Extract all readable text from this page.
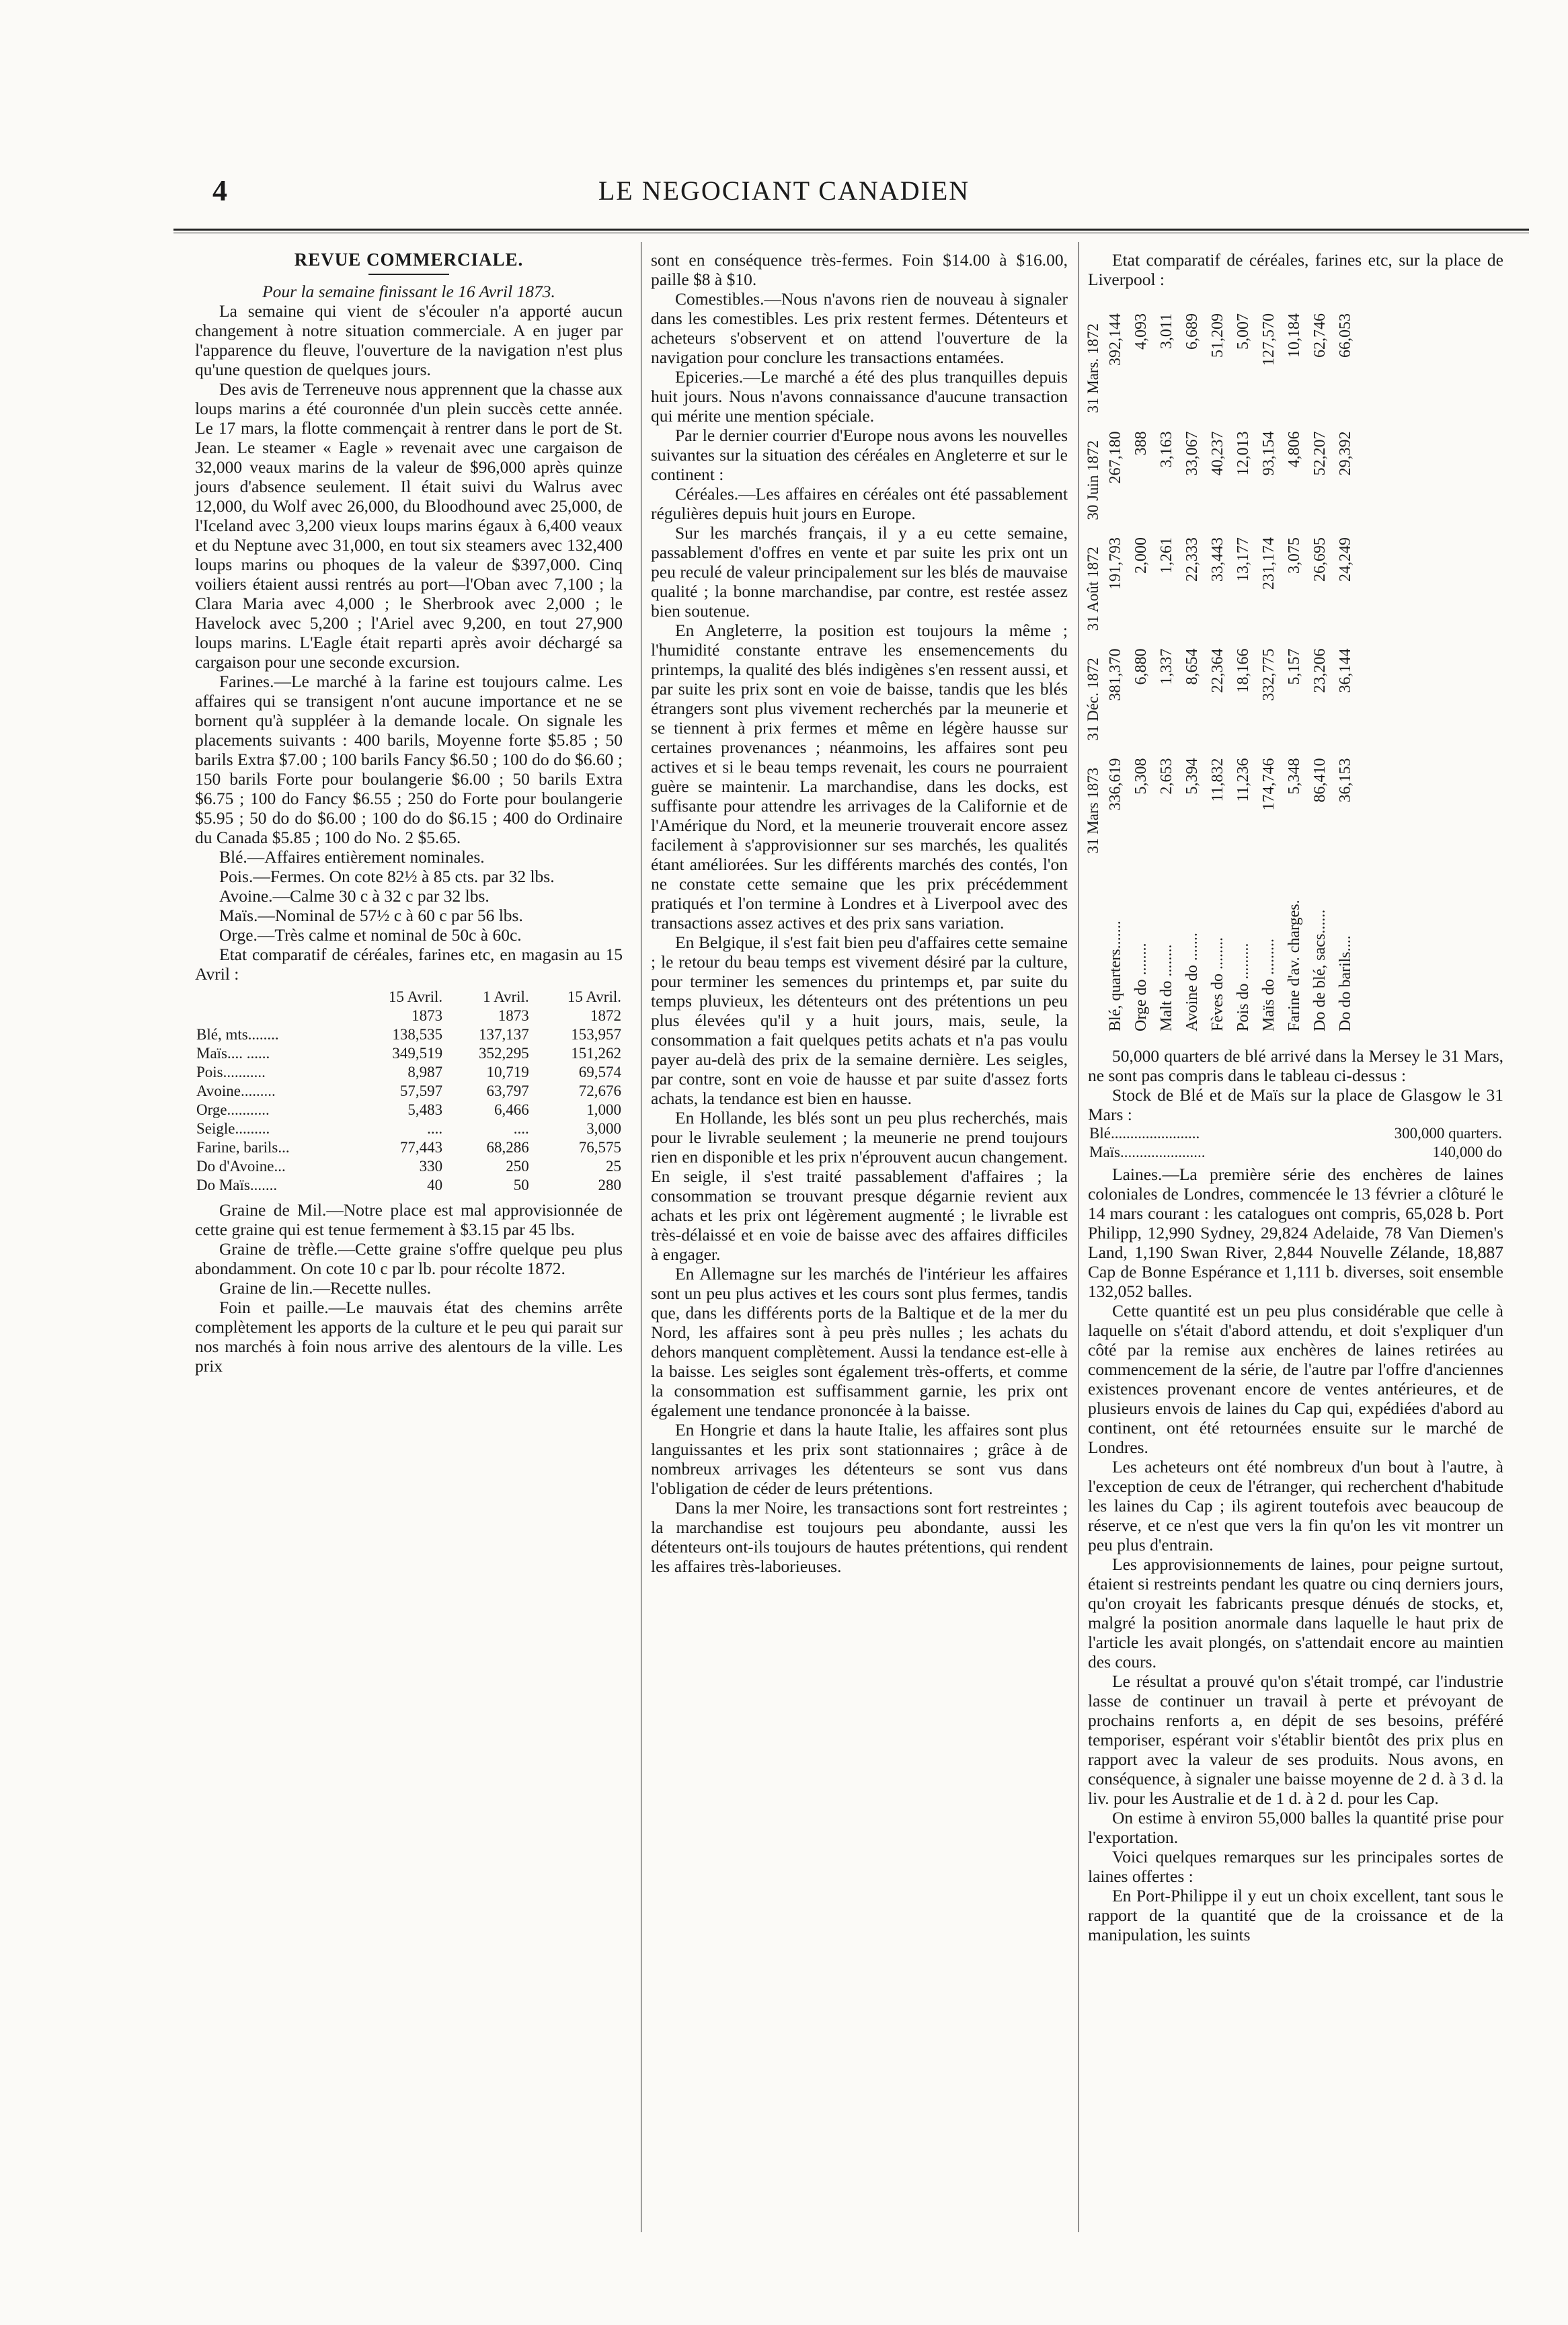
4	LE NEGOCIANT CANADIEN

REVUE COMMERCIALE.

Pour la semaine finissant le 16 Avril 1873.

La semaine qui vient de s'écouler n'a apporté aucun changement à notre situation commerciale. A en juger par l'apparence du fleuve, l'ouverture de la navigation n'est plus qu'une question de quelques jours.

Des avis de Terreneuve nous apprennent que la chasse aux loups marins a été couronnée d'un plein succès cette année. Le 17 mars, la flotte commençait à rentrer dans le port de St. Jean. Le steamer « Eagle » revenait avec une cargaison de 32,000 veaux marins de la valeur de $96,000 après quinze jours d'absence seulement. Il était suivi du Walrus avec 12,000, du Wolf avec 26,000, du Bloodhound avec 25,000, de l'Iceland avec 3,200 vieux loups marins égaux à 6,400 veaux et du Neptune avec 31,000, en tout six steamers avec 132,400 loups marins ou phoques de la valeur de $397,000. Cinq voiliers étaient aussi rentrés au port—l'Oban avec 7,100 ; la Clara Maria avec 4,000 ; le Sherbrook avec 2,000 ; le Havelock avec 5,200 ; l'Ariel avec 9,200, en tout 27,900 loups marins. L'Eagle était reparti après avoir déchargé sa cargaison pour une seconde excursion.

Farines.—Le marché à la farine est toujours calme. Les affaires qui se transigent n'ont aucune importance et ne se bornent qu'à suppléer à la demande locale. On signale les placements suivants : 400 barils, Moyenne forte $5.85 ; 50 barils Extra $7.00 ; 100 barils Fancy $6.50 ; 100 do do $6.60 ; 150 barils Forte pour boulangerie $6.00 ; 50 barils Extra $6.75 ; 100 do Fancy $6.55 ; 250 do Forte pour boulangerie $5.95 ; 50 do do $6.00 ; 100 do do $6.15 ; 400 do Ordinaire du Canada $5.85 ; 100 do No. 2 $5.65.

Blé.—Affaires entièrement nominales.

Pois.—Fermes. On cote 82½ à 85 cts. par 32 lbs.

Avoine.—Calme 30 c à 32 c par 32 lbs.

Maïs.—Nominal de 57½ c à 60 c par 56 lbs.

Orge.—Très calme et nominal de 50c à 60c.

Etat comparatif de céréales, farines etc, en magasin au 15 Avril :

	15 Avril.	1 Avril.	15 Avril.
	1873	1873	1872
Blé, mts........	138,535	137,137	153,957
Maïs.... ......	349,519	352,295	151,262
Pois...........	8,987	10,719	69,574
Avoine.........	57,597	63,797	72,676
Orge...........	5,483	6,466	1,000
Seigle.........	....	....	3,000
Farine, barils...	77,443	68,286	76,575
Do d'Avoine...	330	250	25
Do Maïs.......	40	50	280

Graine de Mil.—Notre place est mal approvisionnée de cette graine qui est tenue fermement à $3.15 par 45 lbs.

Graine de trèfle.—Cette graine s'offre quelque peu plus abondamment. On cote 10 c par lb. pour récolte 1872.

Graine de lin.—Recette nulles.

Foin et paille.—Le mauvais état des chemins arrête complètement les apports de la culture et le peu qui parait sur nos marchés à foin nous arrive des alentours de la ville. Les prix

sont en conséquence très-fermes. Foin $14.00 à $16.00, paille $8 à $10.

Comestibles.—Nous n'avons rien de nouveau à signaler dans les comestibles. Les prix restent fermes. Détenteurs et acheteurs s'observent et on attend l'ouverture de la navigation pour conclure les transactions entamées.

Epiceries.—Le marché a été des plus tranquilles depuis huit jours. Nous n'avons connaissance d'aucune transaction qui mérite une mention spéciale.

Par le dernier courrier d'Europe nous avons les nouvelles suivantes sur la situation des céréales en Angleterre et sur le continent :

Céréales.—Les affaires en céréales ont été passablement régulières depuis huit jours en Europe.

Sur les marchés français, il y a eu cette semaine, passablement d'offres en vente et par suite les prix ont un peu reculé de valeur principalement sur les blés de mauvaise qualité ; la bonne marchandise, par contre, est restée assez bien soutenue.

En Angleterre, la position est toujours la même ; l'humidité constante entrave les ensemencements du printemps, la qualité des blés indigènes s'en ressent aussi, et par suite les prix sont en voie de baisse, tandis que les blés étrangers sont plus vivement recherchés par la meunerie et se tiennent à prix fermes et même en légère hausse sur certaines provenances ; néanmoins, les affaires sont peu actives et si le beau temps revenait, les cours ne pourraient guère se maintenir. La marchandise, dans les docks, est suffisante pour attendre les arrivages de la Californie et de l'Amérique du Nord, et la meunerie trouverait encore assez facilement à s'approvisionner sur ses marchés, les qualités étant améliorées. Sur les différents marchés des contés, l'on ne constate cette semaine que les prix précédemment pratiqués et l'on termine à Londres et à Liverpool avec des transactions assez actives et des prix sans variation.

En Belgique, il s'est fait bien peu d'affaires cette semaine ; le retour du beau temps est vivement désiré par la culture, pour terminer les semences du printemps et, par suite du temps pluvieux, les détenteurs ont des prétentions un peu plus élevées qu'il y a huit jours, mais, seule, la consommation a fait quelques petits achats et n'a pas voulu payer au-delà des prix de la semaine dernière. Les seigles, par contre, sont en voie de hausse et par suite d'assez forts achats, la tendance est bien en hausse.

En Hollande, les blés sont un peu plus recherchés, mais pour le livrable seulement ; la meunerie ne prend toujours rien en disponible et les prix n'éprouvent aucun changement. En seigle, il s'est traité passablement d'affaires ; la consommation se trouvant presque dégarnie revient aux achats et les prix ont légèrement augmenté ; le livrable est très-délaissé et en voie de baisse avec des affaires difficiles à engager.

En Allemagne sur les marchés de l'intérieur les affaires sont un peu plus actives et les cours sont plus fermes, tandis que, dans les différents ports de la Baltique et de la mer du Nord, les affaires sont à peu près nulles ; les achats du dehors manquent complètement. Aussi la tendance est-elle à la baisse. Les seigles sont également très-offerts, et comme la consommation est suffisamment garnie, les prix ont également une tendance prononcée à la baisse.

En Hongrie et dans la haute Italie, les affaires sont plus languissantes et les prix sont stationnaires ; grâce à de nombreux arrivages les détenteurs se sont vus dans l'obligation de céder de leurs prétentions.

Dans la mer Noire, les transactions sont fort restreintes ; la marchandise est toujours peu abondante, aussi les détenteurs ont-ils toujours de hautes prétentions, qui rendent les affaires très-laborieuses.

Etat comparatif de céréales, farines etc, sur la place de Liverpool :

	31 Mars 1873	31 Déc. 1872	31 Août 1872	30 Juin 1872	31 Mars. 1872
Blé, quarters.......	336,619	381,370	191,793	267,180	392,144
Orge do ........	5,308	6,880	2,000	388	4,093
Malt do ........	2,653	1,337	1,261	3,163	3,011
Avoine do .......	5,394	8,654	22,333	33,067	6,689
Fèves do ........	11,832	22,364	33,443	40,237	51,209
Pois do .........	11,236	18,166	13,177	12,013	5,007
Maïs do .........	174,746	332,775	231,174	93,154	127,570
Farine d'av. charges.	5,348	5,157	3,075	4,806	10,184
Do de blé, sacs......	86,410	23,206	26,695	52,207	62,746
Do do barils....	36,153	36,144	24,249	29,392	66,053

50,000 quarters de blé arrivé dans la Mersey le 31 Mars, ne sont pas compris dans le tableau ci-dessus :

Stock de Blé et de Maïs sur la place de Glasgow le 31 Mars :

Blé.......................	300,000 quarters.
Maïs......................	140,000 do

Laines.—La première série des enchères de laines coloniales de Londres, commencée le 13 février a clôturé le 14 mars courant : les catalogues ont compris, 65,028 b. Port Philipp, 12,990 Sydney, 29,824 Adelaide, 78 Van Diemen's Land, 1,190 Swan River, 2,844 Nouvelle Zélande, 18,887 Cap de Bonne Espérance et 1,111 b. diverses, soit ensemble 132,052 balles.

Cette quantité est un peu plus considérable que celle à laquelle on s'était d'abord attendu, et doit s'expliquer d'un côté par la remise aux enchères de laines retirées au commencement de la série, de l'autre par l'offre d'anciennes existences provenant encore de ventes antérieures, et de plusieurs envois de laines du Cap qui, expédiées d'abord au continent, ont été retournées ensuite sur le marché de Londres.

Les acheteurs ont été nombreux d'un bout à l'autre, à l'exception de ceux de l'étranger, qui recherchent d'habitude les laines du Cap ; ils agirent toutefois avec beaucoup de réserve, et ce n'est que vers la fin qu'on les vit montrer un peu plus d'entrain.

Les approvisionnements de laines, pour peigne surtout, étaient si restreints pendant les quatre ou cinq derniers jours, qu'on croyait les fabricants presque dénués de stocks, et, malgré la position anormale dans laquelle le haut prix de l'article les avait plongés, on s'attendait encore au maintien des cours.

Le résultat a prouvé qu'on s'était trompé, car l'industrie lasse de continuer un travail à perte et prévoyant de prochains renforts a, en dépit de ses besoins, préféré temporiser, espérant voir s'établir bientôt des prix plus en rapport avec la valeur de ses produits. Nous avons, en conséquence, à signaler une baisse moyenne de 2 d. à 3 d. la liv. pour les Australie et de 1 d. à 2 d. pour les Cap.

On estime à environ 55,000 balles la quantité prise pour l'exportation.

Voici quelques remarques sur les principales sortes de laines offertes :

En Port-Philippe il y eut un choix excellent, tant sous le rapport de la quantité que de la croissance et de la manipulation, les suints
